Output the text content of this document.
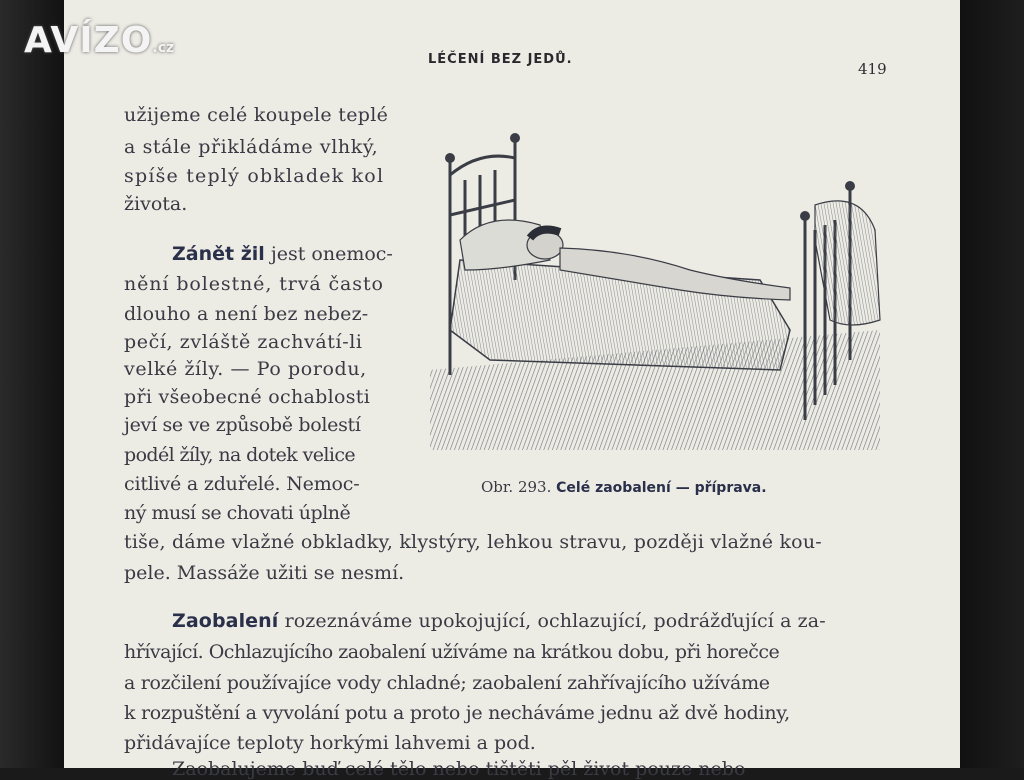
LÉČENÍ BEZ JEDŮ.
419
užijeme celé koupele teplé
a stále přikládáme vlhký,
spíše teplý obkladek kol
života.
Zánět žil jest onemoc-
nění bolestné, trvá často
dlouho a není bez nebez-
pečí, zvláště zachvátí-li
velké žíly. — Po porodu,
při všeobecné ochablosti
jeví se ve způsobě bolestí
podél žíly, na dotek velice
citlivé a zduřelé. Nemoc-
ný musí se chovati úplně
tiše, dáme vlažné obkladky, klystýry, lehkou stravu, později vlažné kou-
pele. Massáže užiti se nesmí.
Zaobalení rozeznáváme upokojující, ochlazující, podrážďující a za-
hřívající. Ochlazujícího zaobalení užíváme na krátkou dobu, při horečce
a rozčilení používajíce vody chladné; zaobalení zahřívajícího užíváme
k rozpuštění a vyvolání potu a proto je necháváme jednu až dvě hodiny,
přidávajíce teploty horkými lahvemi a pod.
Zaobalujeme buď celé tělo nebo tištěti pěl život pouze nebo
Obr. 293. Celé zaobalení — příprava.
AVÍZO.cz
